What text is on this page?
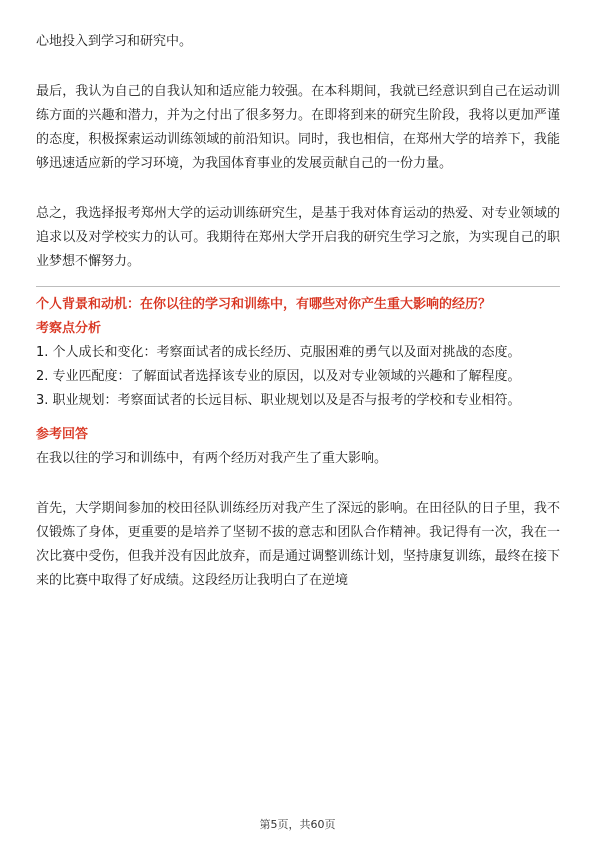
心地投入到学习和研究中。

最后，我认为自己的自我认知和适应能力较强。在本科期间，我就已经意识到自己在运动训练方面的兴趣和潜力，并为之付出了很多努力。在即将到来的研究生阶段，我将以更加严谨的态度，积极探索运动训练领域的前沿知识。同时，我也相信，在郑州大学的培养下，我能够迅速适应新的学习环境，为我国体育事业的发展贡献自己的一份力量。

总之，我选择报考郑州大学的运动训练研究生，是基于我对体育运动的热爱、对专业领域的追求以及对学校实力的认可。我期待在郑州大学开启我的研究生学习之旅，为实现自己的职业梦想不懈努力。

个人背景和动机：在你以往的学习和训练中，有哪些对你产生重大影响的经历？

考察点分析

1. 个人成长和变化：考察面试者的成长经历、克服困难的勇气以及面对挑战的态度。

2. 专业匹配度：了解面试者选择该专业的原因，以及对专业领域的兴趣和了解程度。

3. 职业规划：考察面试者的长远目标、职业规划以及是否与报考的学校和专业相符。

参考回答

在我以往的学习和训练中，有两个经历对我产生了重大影响。

首先，大学期间参加的校田径队训练经历对我产生了深远的影响。在田径队的日子里，我不仅锻炼了身体，更重要的是培养了坚韧不拔的意志和团队合作精神。我记得有一次，我在一次比赛中受伤，但我并没有因此放弃，而是通过调整训练计划，坚持康复训练，最终在接下来的比赛中取得了好成绩。这段经历让我明白了在逆境

第5页，共60页
